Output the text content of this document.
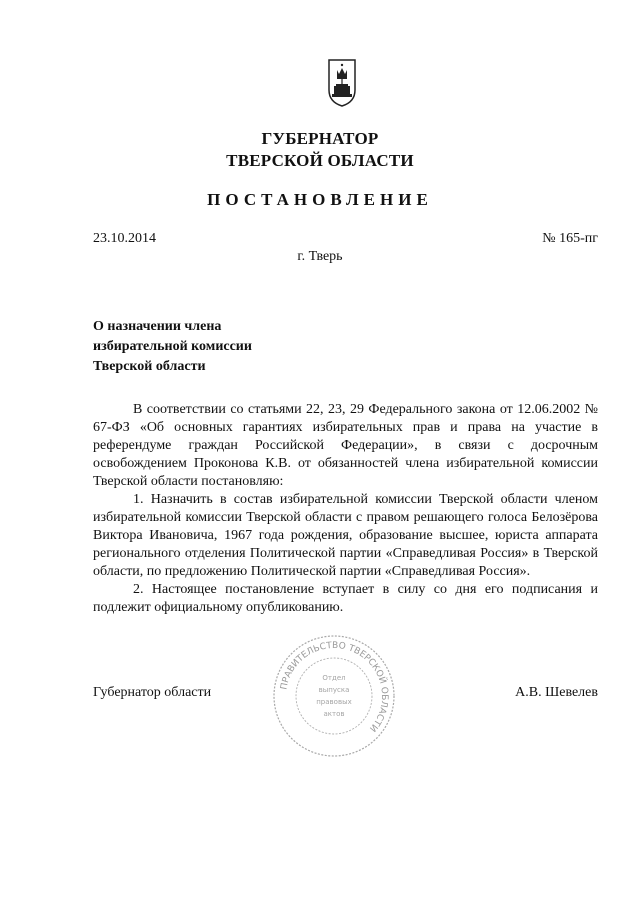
ГУБЕРНАТОР
ТВЕРСКОЙ ОБЛАСТИ
ПОСТАНОВЛЕНИЕ
23.10.2014	№ 165-пг
г. Тверь
О назначении члена
избирательной комиссии
Тверской области

В соответствии со статьями 22, 23, 29 Федерального закона от 12.06.2002 № 67-ФЗ «Об основных гарантиях избирательных прав и права на участие в референдуме граждан Российской Федерации», в связи с досрочным освобождением Проконова К.В. от обязанностей члена избирательной комиссии Тверской области постановляю:

1. Назначить в состав избирательной комиссии Тверской области членом избирательной комиссии Тверской области с правом решающего голоса Белозёрова Виктора Ивановича, 1967 года рождения, образование высшее, юриста аппарата регионального отделения Политической партии «Справедливая Россия» в Тверской области, по предложению Политической партии «Справедливая Россия».

2. Настоящее постановление вступает в силу со дня его подписания и подлежит официальному опубликованию.

ПРАВИТЕЛЬСТВО ТВЕРСКОЙ ОБЛАСТИ
Отдел
выпуска
правовых
актов
Губернатор области	А.В. Шевелев
